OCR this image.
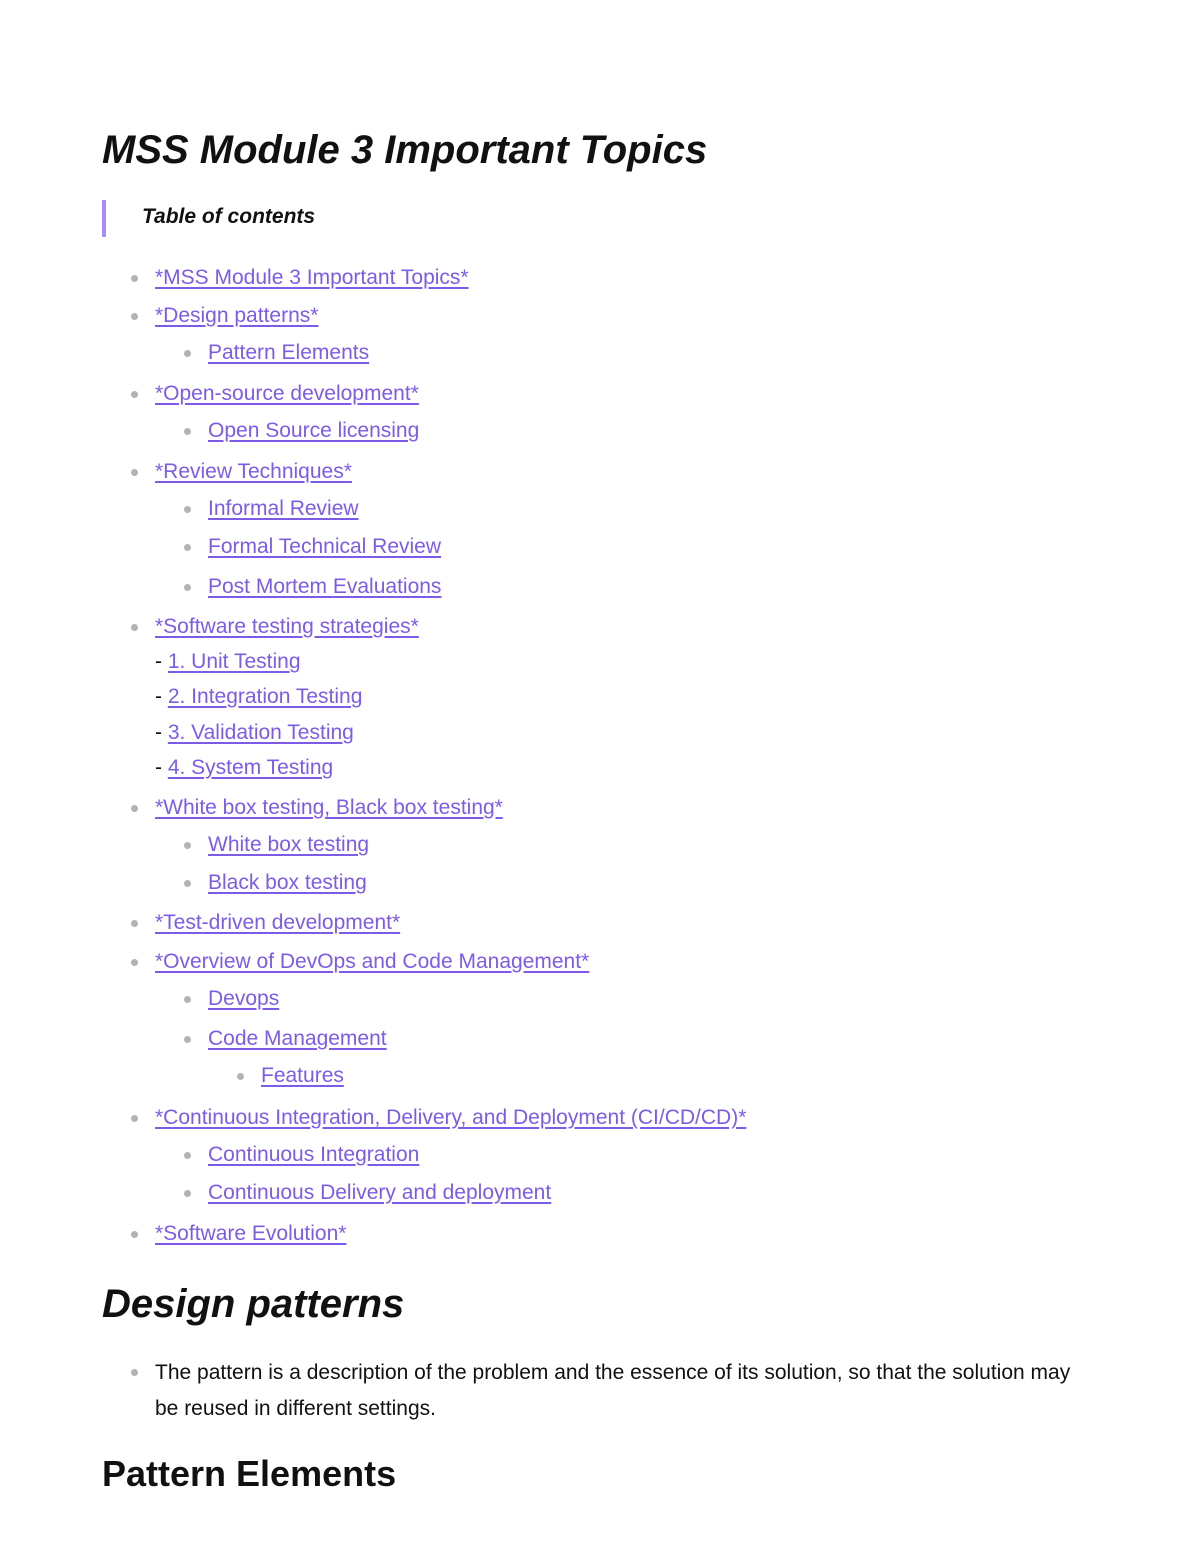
MSS Module 3 Important Topics
Table of contents
*MSS Module 3 Important Topics*
*Design patterns*
Pattern Elements
*Open-source development*
Open Source licensing
*Review Techniques*
Informal Review
Formal Technical Review
Post Mortem Evaluations
*Software testing strategies*
- 1. Unit Testing
- 2. Integration Testing
- 3. Validation Testing
- 4. System Testing
*White box testing, Black box testing*
White box testing
Black box testing
*Test-driven development*
*Overview of DevOps and Code Management*
Devops
Code Management
Features
*Continuous Integration, Delivery, and Deployment (CI/CD/CD)*
Continuous Integration
Continuous Delivery and deployment
*Software Evolution*
Design patterns
The pattern is a description of the problem and the essence of its solution, so that the solution may be reused in different settings.
Pattern Elements
